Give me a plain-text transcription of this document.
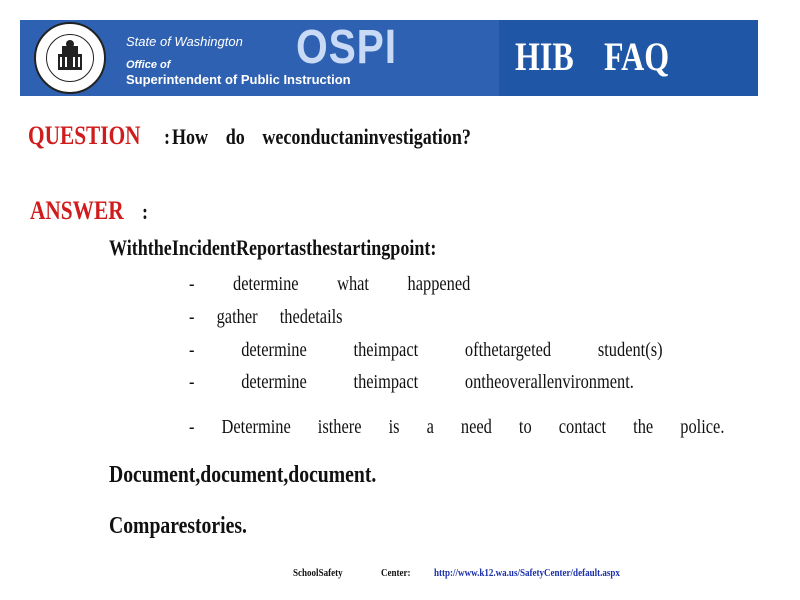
State of Washington OSPI
Office of
Superintendent of Public Instruction
HIB FAQ
QUESTION : How do weconductaninvestigation?
ANSWER :
WiththeIncidentReportasthestartingpoint:
- determine what happened
- gather thedetails
- determine theimpact ofthetargeted student(s)
- determine theimpact ontheoverallenvironment.
- Determine isthere is a need to contact the police.
Document,document,document.
Comparestories.
SchoolSafety	Center: http://www.k12.wa.us/SafetyCenter/default.aspx
